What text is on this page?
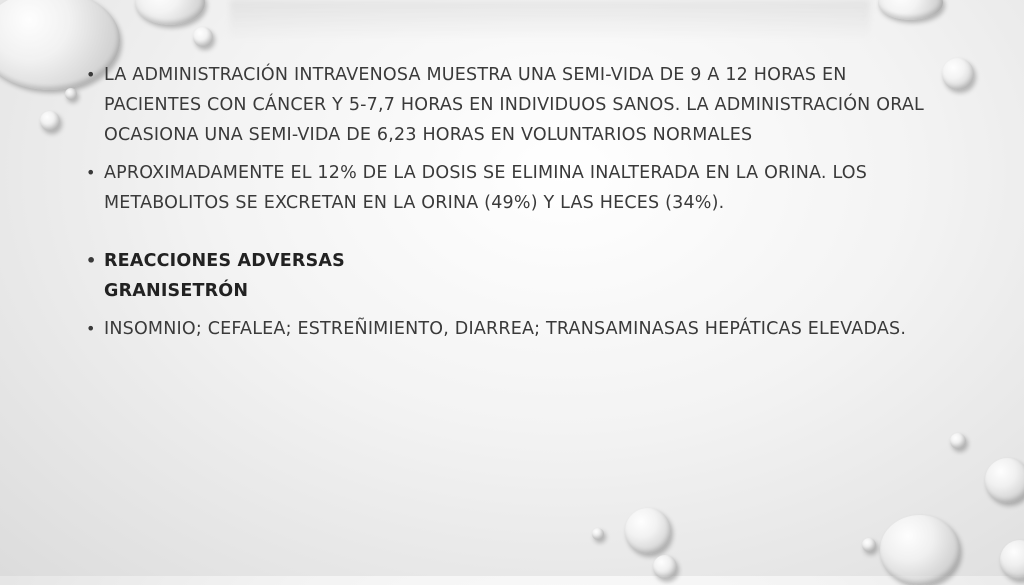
• LA ADMINISTRACIÓN INTRAVENOSA MUESTRA UNA SEMI-VIDA DE 9 A 12 HORAS EN
PACIENTES CON CÁNCER Y 5-7,7 HORAS EN INDIVIDUOS SANOS. LA ADMINISTRACIÓN ORAL
OCASIONA UNA SEMI-VIDA DE 6,23 HORAS EN VOLUNTARIOS NORMALES
• APROXIMADAMENTE EL 12% DE LA DOSIS SE ELIMINA INALTERADA EN LA ORINA. LOS
METABOLITOS SE EXCRETAN EN LA ORINA (49%) Y LAS HECES (34%).
• REACCIONES ADVERSAS
GRANISETRÓN
• INSOMNIO; CEFALEA; ESTREÑIMIENTO, DIARREA; TRANSAMINASAS HEPÁTICAS ELEVADAS.
